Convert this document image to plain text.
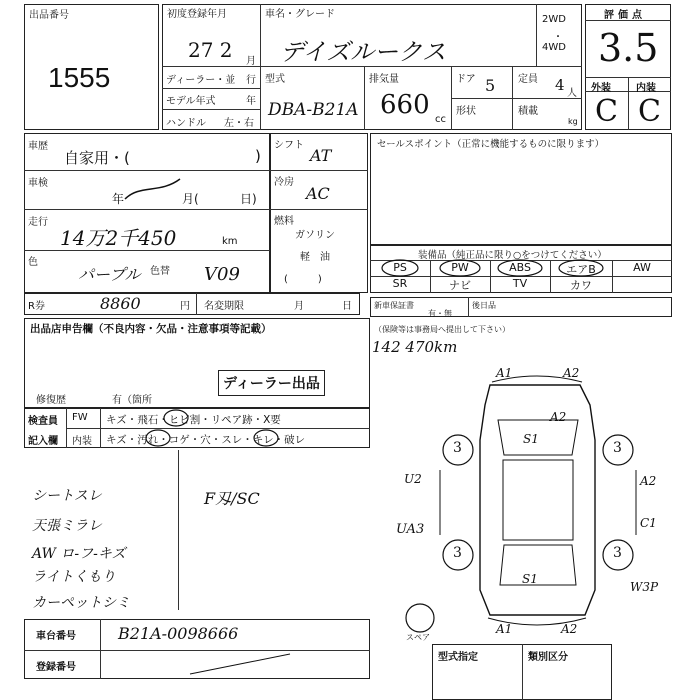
出品番号
1555
初度登録年月
27 2 月
車名・グレード
デイズルークス
2WD
・
4WD
ディーラー・並 行
モデル年式	年
ハンドル 左・右
型式
DBA-B21A
排気量
660 cc
ドア 5 定員 4 人
形状	積載
kg
評価点
3.5
外装	内装
C C
車歴
自家用・(	)
車検
年	月(	日)
走行
14万2千450	km
色
パープル 色替 V09
R券	8860	円 名変期限	月	日
シフト
AT
冷房
AC
燃料
ガソリン
軽　油
(　　　)
セールスポイント（正常に機能するものに限ります）
装備品（純正品に限り○をつけてください）
PS	PW	ABS	エアB	AW
SR	ナビ	TV	カワ
新車保証書
有・無
後日品
（保険等は事務局へ提出して下さい）
142 470km
出品店申告欄（不良内容・欠品・注意事項等記載）
修復歴	有（箇所
ディーラー出品
検査員
記入欄
FW キズ・飛石・ヒビ割・リペア跡・X要
内装 キズ・汚れ・コゲ・穴・スレ・キレ・破レ
シートスレ
天張ミラレ
AW ロ-フ-キズ
ライトくもり
カーペットシミ
F刄/SC
A1	A2
A2
S1
U2	A2
UA3	C1
S1
W3P
A1	A2
3	3
3	3
スペア
車台番号	B21A-0098666
登録番号
型式指定	類別区分
